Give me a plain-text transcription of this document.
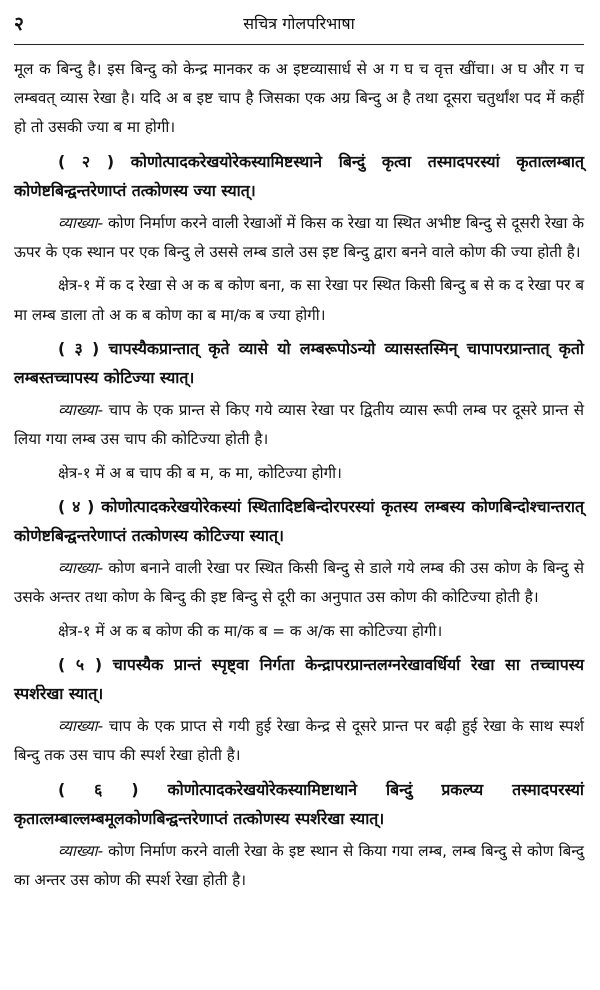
२	सचित्र गोलपरिभाषा

मूल क बिन्दु है। इस बिन्दु को केन्द्र मानकर क अ इष्टव्यासार्ध से अ ग घ च वृत्त खींचा। अ घ और ग च लम्बवत् व्यास रेखा है। यदि अ ब इष्ट चाप है जिसका एक अग्र बिन्दु अ है तथा दूसरा चतुर्थांश पद में कहीं हो तो उसकी ज्या ब मा होगी।

( २ ) कोणोत्पादकरेखयोरेकस्यामिष्टस्थाने बिन्दुं कृत्वा तस्मादपरस्यां कृतात्लम्बात् कोणेष्टबिन्द्वन्तरेणाप्तं तत्कोणस्य ज्या स्यात्।

व्याख्या- कोण निर्माण करने वाली रेखाओं में किस क रेखा या स्थित अभीष्ट बिन्दु से दूसरी रेखा के ऊपर के एक स्थान पर एक बिन्दु ले उससे लम्ब डाले उस इष्ट बिन्दु द्वारा बनने वाले कोण की ज्या होती है।

क्षेत्र-१ में क द रेखा से अ क ब कोण बना, क सा रेखा पर स्थित किसी बिन्दु ब से क द रेखा पर ब मा लम्ब डाला तो अ क ब कोण का ब मा/क ब ज्या होगी।

( ३ ) चापस्यैकप्रान्तात् कृते व्यासे यो लम्बरूपोऽन्यो व्यासस्तस्मिन् चापापरप्रान्तात् कृतो लम्बस्तच्चापस्य कोटिज्या स्यात्।

व्याख्या- चाप के एक प्रान्त से किए गये व्यास रेखा पर द्वितीय व्यास रूपी लम्ब पर दूसरे प्रान्त से लिया गया लम्ब उस चाप की कोटिज्या होती है।

क्षेत्र-१ में अ ब चाप की ब म, क मा, कोटिज्या होगी।

( ४ ) कोणोत्पादकरेखयोरेकस्यां स्थितादिष्टबिन्दोरपरस्यां कृतस्य लम्बस्य कोणबिन्दोश्चान्तरात् कोणेष्टबिन्द्वन्तरेणाप्तं तत्कोणस्य कोटिज्या स्यात्।

व्याख्या- कोण बनाने वाली रेखा पर स्थित किसी बिन्दु से डाले गये लम्ब की उस कोण के बिन्दु से उसके अन्तर तथा कोण के बिन्दु की इष्ट बिन्दु से दूरी का अनुपात उस कोण की कोटिज्या होती है।

क्षेत्र-१ में अ क ब कोण की क मा/क ब = क अ/क सा कोटिज्या होगी।

( ५ ) चापस्यैक प्रान्तं स्पृष्ट्वा निर्गता केन्द्रापरप्रान्तलग्नरेखावर्धिर्या रेखा सा तच्चापस्य स्पर्शरेखा स्यात्।

व्याख्या- चाप के एक प्राप्त से गयी हुई रेखा केन्द्र से दूसरे प्रान्त पर बढ़ी हुई रेखा के साथ स्पर्श बिन्दु तक उस चाप की स्पर्श रेखा होती है।

( ६ ) कोणोत्पादकरेखयोरेकस्यामिष्टाथाने बिन्दुं प्रकल्प्य तस्मादपरस्यां कृतात्लम्बाल्लम्बमूलकोणबिन्द्वन्तरेणाप्तं तत्कोणस्य स्पर्शरेखा स्यात्।

व्याख्या- कोण निर्माण करने वाली रेखा के इष्ट स्थान से किया गया लम्ब, लम्ब बिन्दु से कोण बिन्दु का अन्तर उस कोण की स्पर्श रेखा होती है।
